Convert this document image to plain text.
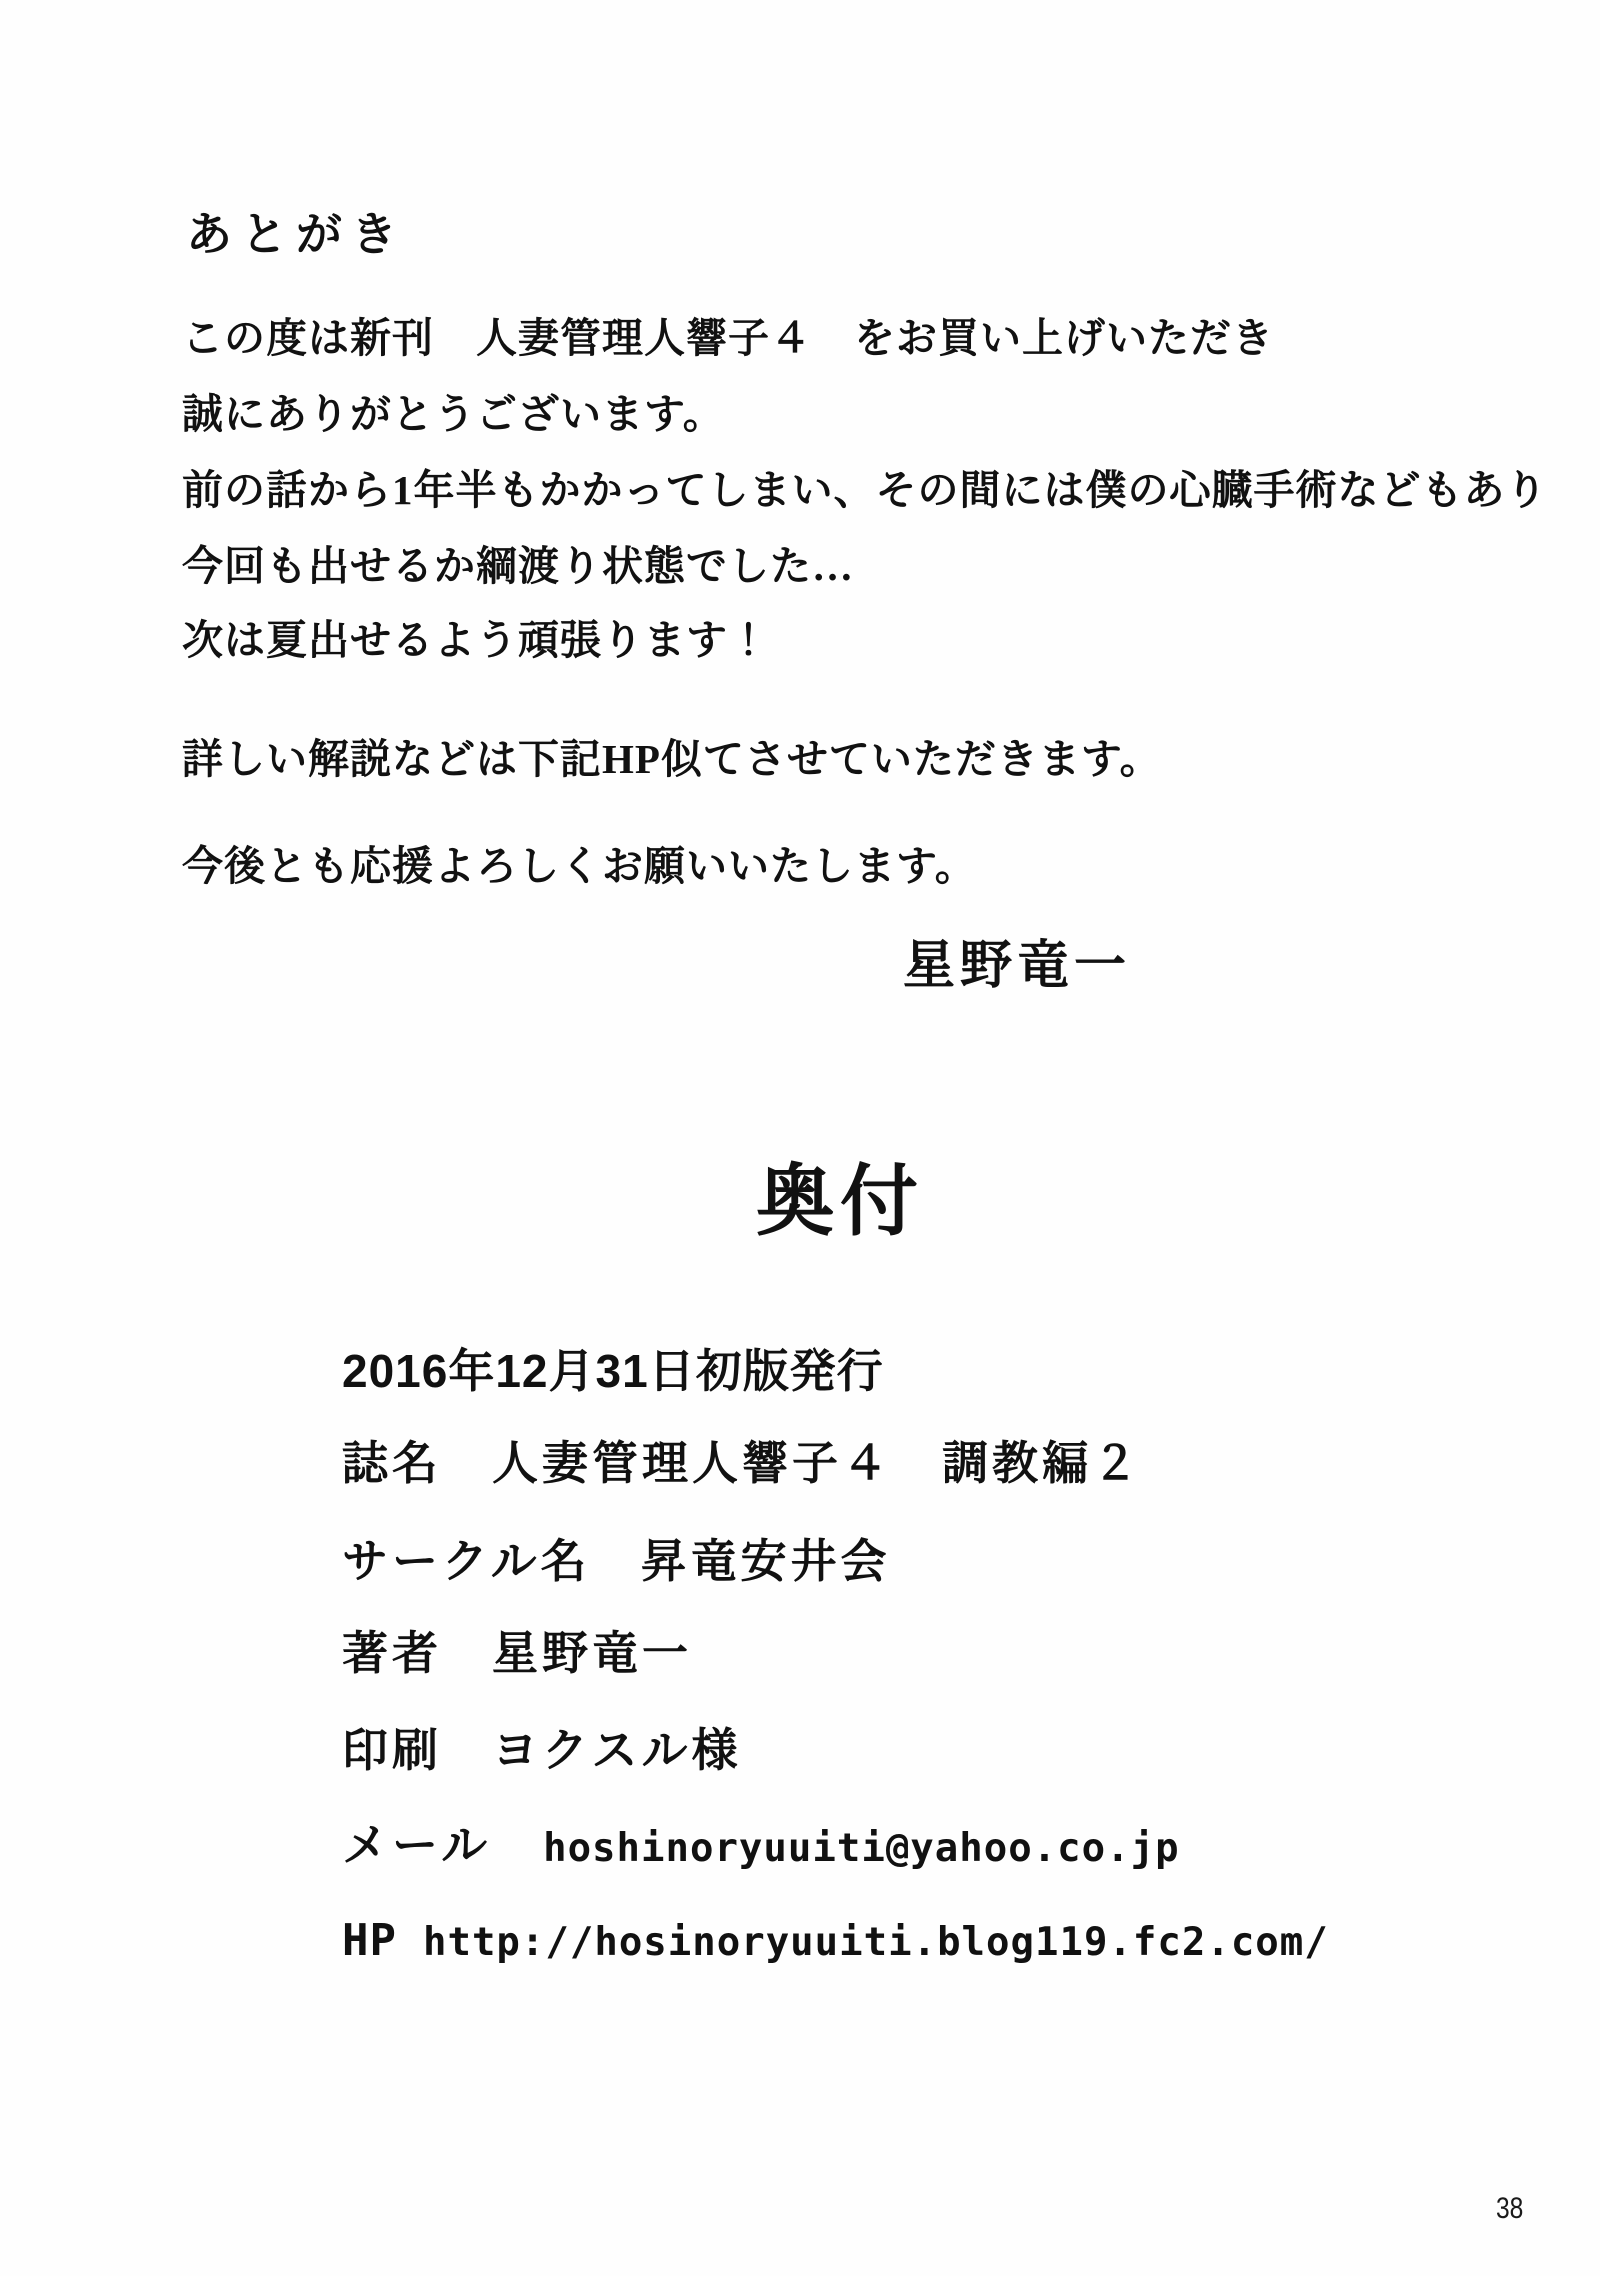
あとがき

この度は新刊　人妻管理人響子４　をお買い上げいただき

誠にありがとうございます。

前の話から1年半もかかってしまい、その間には僕の心臓手術などもあり

今回も出せるか綱渡り状態でした…

次は夏出せるよう頑張ります！

詳しい解説などは下記HP似てさせていただきます。

今後とも応援よろしくお願いいたします。

星野竜一

奥付

2016年12月31日初版発行

誌名　人妻管理人響子４　調教編２

サークル名　昇竜安井会

著者　星野竜一

印刷　ヨクスル様

メール hoshinoryuuiti@yahoo.co.jp

HP http://hosinoryuuiti.blog119.fc2.com/

38
